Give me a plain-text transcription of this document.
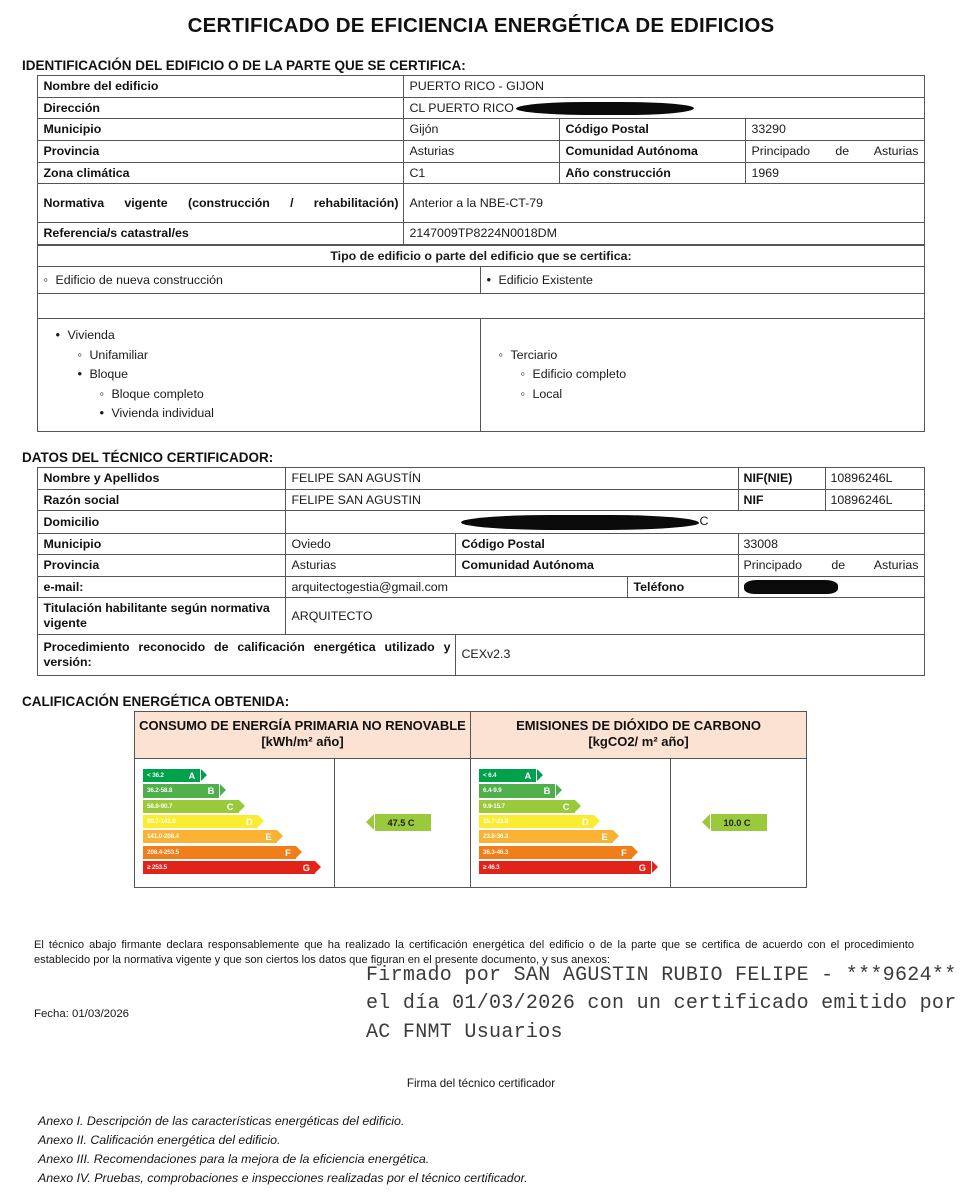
CERTIFICADO DE EFICIENCIA ENERGÉTICA DE EDIFICIOS
IDENTIFICACIÓN DEL EDIFICIO O DE LA PARTE QUE SE CERTIFICA:
Nombre del edificio	PUERTO RICO - GIJON		
Dirección	CL PUERTO RICO		
Municipio	Gijón	Código Postal	33290
Provincia	Asturias	Comunidad Autónoma	Principado de Asturias
Zona climática	C1	Año construcción	1969
Normativa vigente (construcción / rehabilitación)	Anterior a la NBE-CT-79		
Referencia/s catastral/es	2147009TP8224N0018DM		
Tipo de edificio o parte del edificio que se certifica:	

◦Edificio de nueva construcción

•Edificio Existente

•Vivienda
◦Unifamiliar
•Bloque
◦Bloque completo
•Vivienda individual

◦Terciario
◦Edificio completo
◦Local
DATOS DEL TÉCNICO CERTIFICADOR:
Nombre y Apellidos	FELIPE SAN AGUSTÍN		NIF(NIE)	10896246L

Razón social	FELIPE SAN AGUSTIN		NIF	10896246L

Domicilio	C
Municipio	Oviedo	Código Postal	33008
Provincia	Asturias	Comunidad Autónoma	Principado de Asturias
e-mail:	arquitectogestia@gmail.com	Teléfono	
Titulación habilitante según normativa vigente	ARQUITECTO
Procedimiento reconocido de calificación energética utilizado y versión:	CEXv2.3
CALIFICACIÓN ENERGÉTICA OBTENIDA:
CONSUMO DE ENERGÍA PRIMARIA NO RENOVABLE
[kWh/m² año]		EMISIONES DE DIÓXIDO DE CARBONO
[kgCO2/ m² año]	

< 36.2	A
36.2-58.8	B
58.8-90.7	C
90.7-141.0	D
141.0-208.4	E
208.4-253.5	F
≥ 253.5	G

47.5 C

< 6.4	A
6.4-9.9	B
9.9-15.7	C
15.7-23.8	D
23.8-36.3	E
36.3-46.3	F
≥ 46.3	G

10.0 C
El técnico abajo firmante declara responsablemente que ha realizado la certificación energética del edificio o de la parte que se certifica de acuerdo con el procedimiento establecido por la normativa vigente y que son ciertos los datos que figuran en el presente documento, y sus anexos:
Fecha: 01/03/2026
Firmado por SAN AGUSTIN RUBIO FELIPE - ***9624** el día 01/03/2026 con un certificado emitido por AC FNMT Usuarios
Firma del técnico certificador
Anexo I. Descripción de las características energéticas del edificio.
Anexo II. Calificación energética del edificio.
Anexo III. Recomendaciones para la mejora de la eficiencia energética.
Anexo IV. Pruebas, comprobaciones e inspecciones realizadas por el técnico certificador.
